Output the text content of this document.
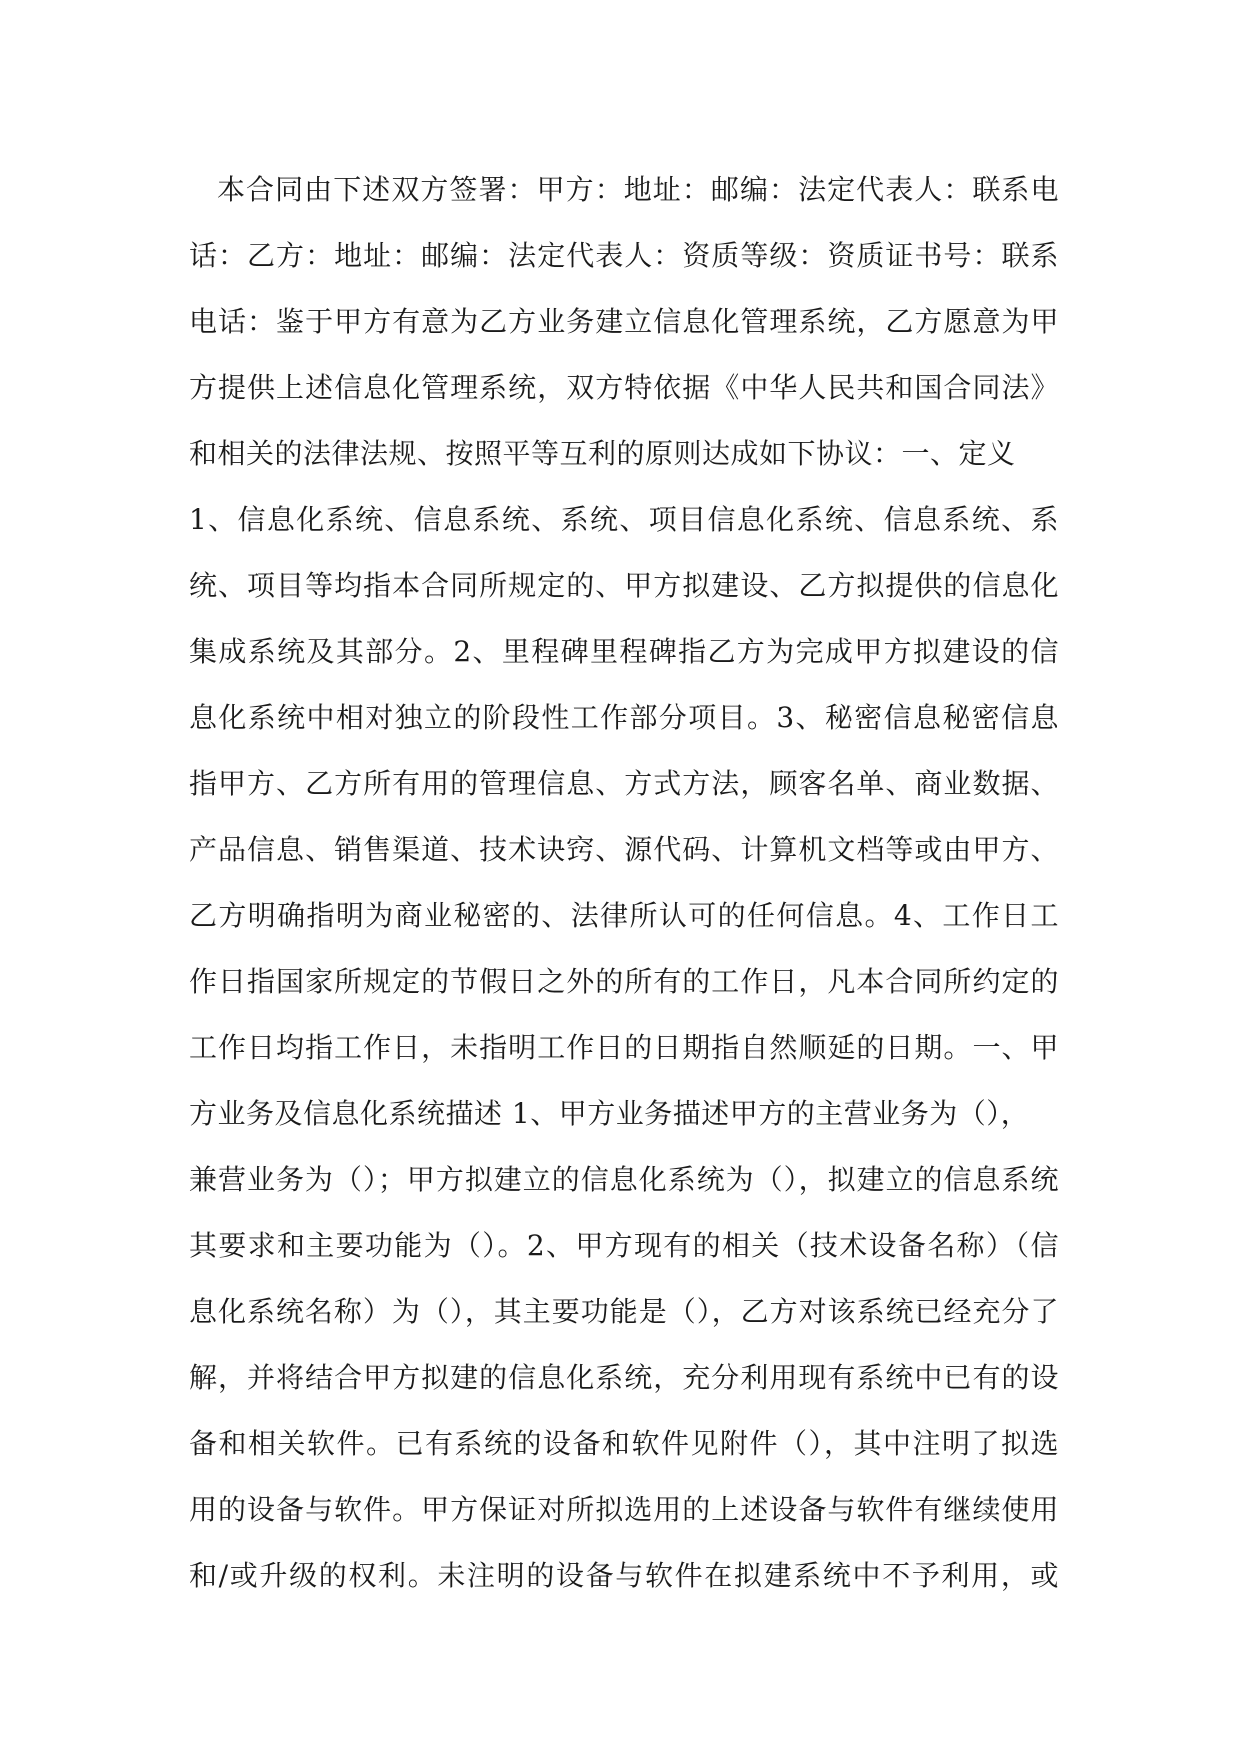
本合同由下述双方签署：甲方：地址：邮编：法定代表人：联系电
话：乙方：地址：邮编：法定代表人：资质等级：资质证书号：联系
电话：鉴于甲方有意为乙方业务建立信息化管理系统，乙方愿意为甲
方提供上述信息化管理系统，双方特依据《中华人民共和国合同法》
和相关的法律法规、按照平等互利的原则达成如下协议：一、定义
1、信息化系统、信息系统、系统、项目信息化系统、信息系统、系
统、项目等均指本合同所规定的、甲方拟建设、乙方拟提供的信息化
集成系统及其部分。2、里程碑里程碑指乙方为完成甲方拟建设的信
息化系统中相对独立的阶段性工作部分项目。3、秘密信息秘密信息
指甲方、乙方所有用的管理信息、方式方法，顾客名单、商业数据、
产品信息、销售渠道、技术诀窍、源代码、计算机文档等或由甲方、
乙方明确指明为商业秘密的、法律所认可的任何信息。4、工作日工
作日指国家所规定的节假日之外的所有的工作日，凡本合同所约定的
工作日均指工作日，未指明工作日的日期指自然顺延的日期。一、甲
方业务及信息化系统描述 1、甲方业务描述甲方的主营业务为（），
兼营业务为（）；甲方拟建立的信息化系统为（），拟建立的信息系统
其要求和主要功能为（）。2、甲方现有的相关（技术设备名称）（信
息化系统名称）为（），其主要功能是（），乙方对该系统已经充分了
解，并将结合甲方拟建的信息化系统，充分利用现有系统中已有的设
备和相关软件。已有系统的设备和软件见附件（），其中注明了拟选
用的设备与软件。甲方保证对所拟选用的上述设备与软件有继续使用
和/或升级的权利。未注明的设备与软件在拟建系统中不予利用，或
